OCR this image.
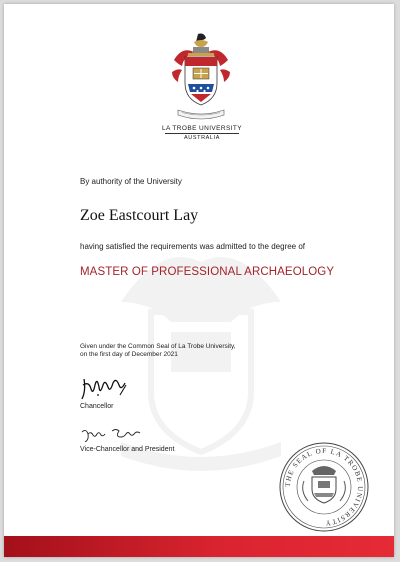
LA TROBE UNIVERSITY
AUSTRALIA
By authority of the University
Zoe Eastcourt Lay
having satisfied the requirements was admitted to the degree of
MASTER OF PROFESSIONAL ARCHAEOLOGY
Given under the Common Seal of La Trobe University,
on the first day of December 2021
Chancellor
Vice-Chancellor and President
THE SEAL OF LA TROBE UNIVERSITY
